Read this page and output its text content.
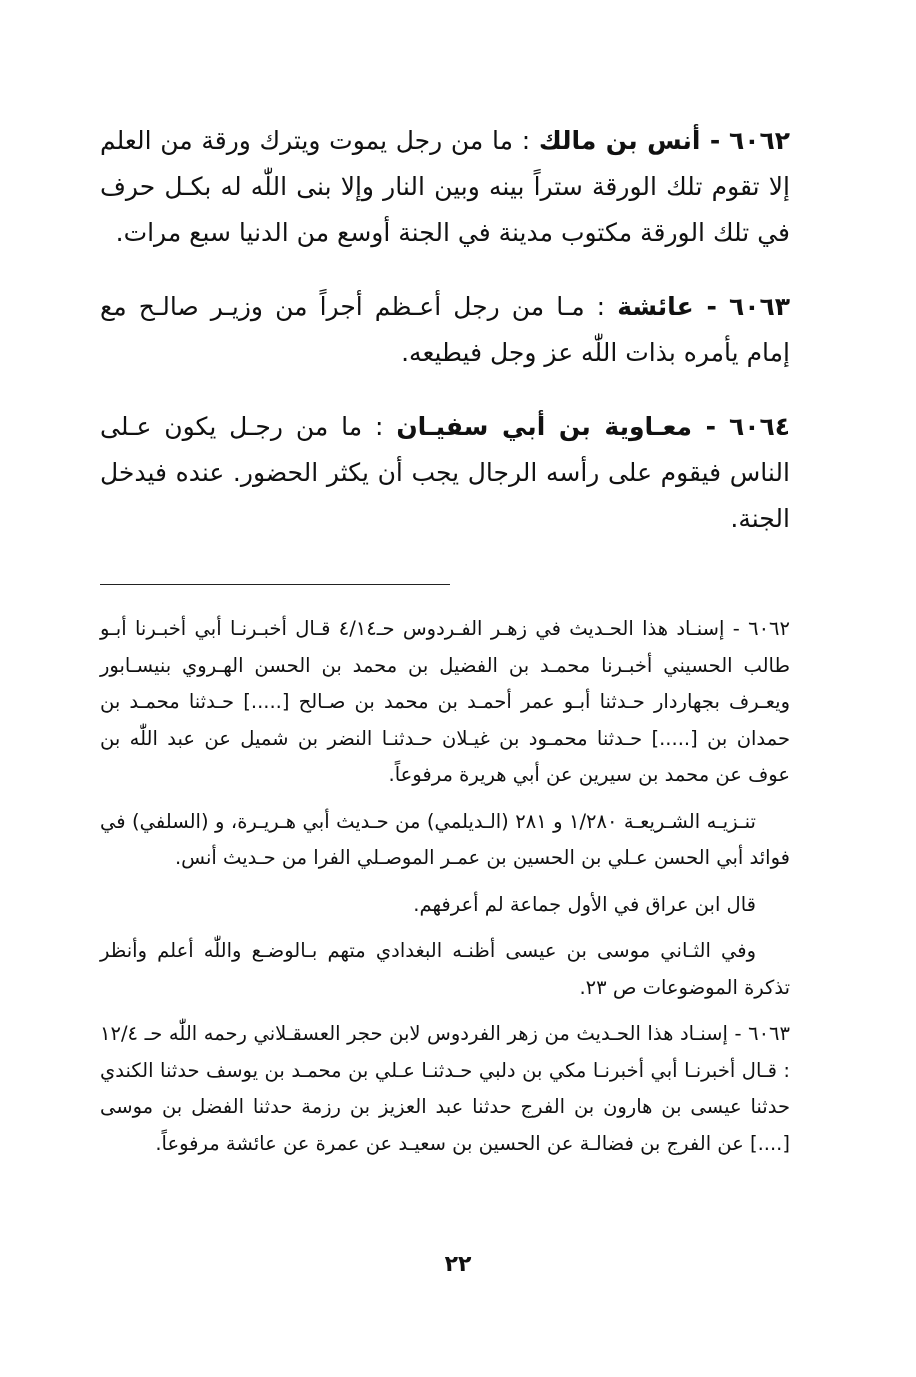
٦٠٦٢ - أنس بن مالك : ما من رجل يموت ويترك ورقة من العلم إلا تقوم تلك الورقة ستراً بينه وبين النار وإلا بنى اللّٰه له بكـل حرف في تلك الورقة مكتوب مدينة في الجنة أوسع من الدنيا سبع مرات.

٦٠٦٣ - عائشة : مـا من رجل أعـظم أجراً من وزيـر صالـح مع إمام يأمره بذات اللّٰه عز وجل فيطيعه.

٦٠٦٤ - معـاوية بن أبي سفيـان : ما من رجـل يكون عـلى الناس فيقوم على رأسه الرجال يجب أن يكثر الحضور. عنده فيدخل الجنة.

٦٠٦٢ - إسنـاد هذا الحـديث في زهـر الفـردوس حـ٤/١٤ قـال أخبـرنـا أبي أخبـرنا أبـو طالب الحسيني أخبـرنا محمـد بن الفضيل بن محمد بن الحسن الهـروي بنيسـابور ويعـرف بجهاردار حـدثنا أبـو عمر أحمـد بن محمد بن صـالح [.....] حـدثنا محمـد بن حمدان بن [.....] حـدثنا محمـود بن غيـلان حـدثنـا النضر بن شميل عن عبد اللّٰه بن عوف عن محمد بن سيرين عن أبي هريرة مرفوعاً.

تنـزيـه الشـريعـة ١/٢٨٠ و ٢٨١ (الـديلمي) من حـديث أبي هـريـرة، و (السلفي) في فوائد أبي الحسن عـلي بن الحسين بن عمـر الموصـلي الفرا من حـديث أنس.

قال ابن عراق في الأول جماعة لم أعرفهم.

وفي الثـاني موسى بن عيسى أظنـه البغدادي متهم بـالوضـع واللّٰه أعلم وأنظر تذكرة الموضوعات ص ٢٣.

٦٠٦٣ - إسنـاد هذا الحـديث من زهر الفردوس لابن حجر العسقـلاني رحمه اللّٰه حـ ١٢/٤ : قـال أخبرنـا أبي أخبرنـا مكي بن دلبي حـدثنـا عـلي بن محمـد بن يوسف حدثنا الكندي حدثنا عيسى بن هارون بن الفرج حدثنا عبد العزيز بن رزمة حدثنا الفضل بن موسى [....] عن الفرج بن فضالـة عن الحسين بن سعيـد عن عمرة عن عائشة مرفوعاً.

٢٢
